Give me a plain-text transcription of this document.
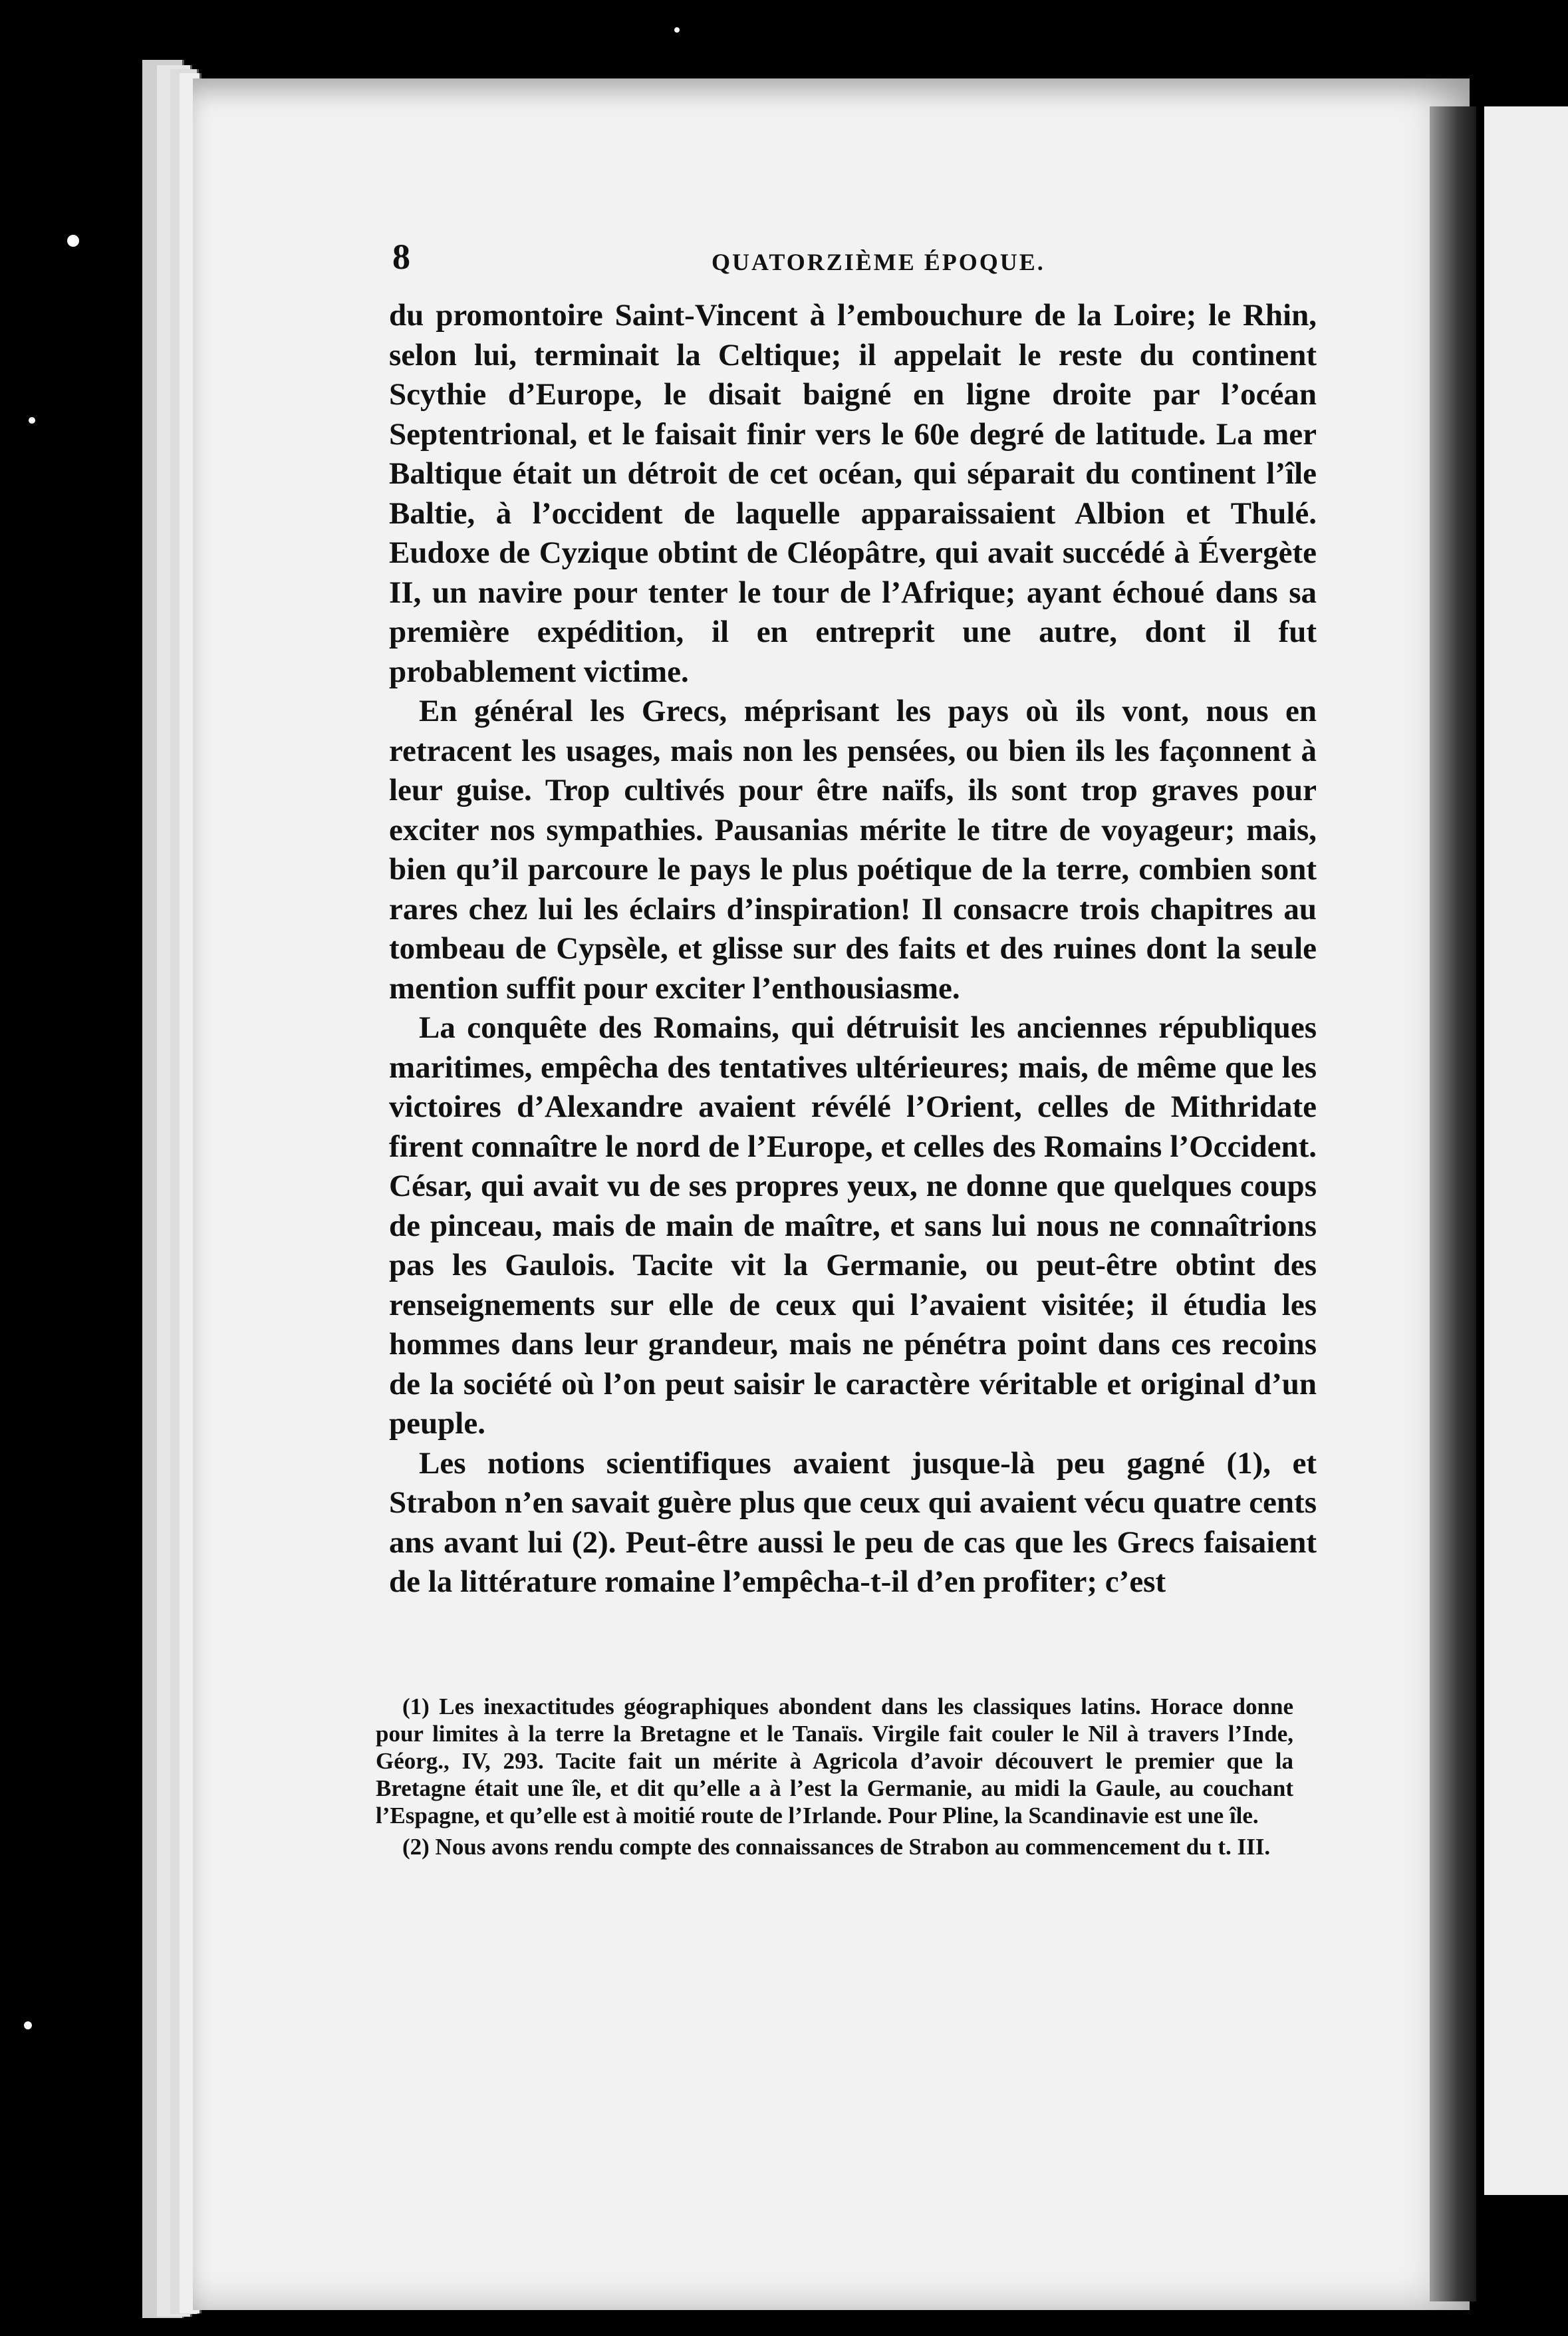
8	QUATORZIÈME ÉPOQUE.

du promontoire Saint-Vincent à l’embouchure de la Loire; le Rhin, selon lui, terminait la Celtique; il appelait le reste du continent Scythie d’Europe, le disait baigné en ligne droite par l’océan Septentrional, et le faisait finir vers le 60e degré de latitude. La mer Baltique était un détroit de cet océan, qui séparait du continent l’île Baltie, à l’occident de laquelle apparaissaient Albion et Thulé. Eudoxe de Cyzique obtint de Cléopâtre, qui avait succédé à Évergète II, un navire pour tenter le tour de l’Afrique; ayant échoué dans sa première expédition, il en entreprit une autre, dont il fut probablement victime.

En général les Grecs, méprisant les pays où ils vont, nous en retracent les usages, mais non les pensées, ou bien ils les façonnent à leur guise. Trop cultivés pour être naïfs, ils sont trop graves pour exciter nos sympathies. Pausanias mérite le titre de voyageur; mais, bien qu’il parcoure le pays le plus poétique de la terre, combien sont rares chez lui les éclairs d’inspiration! Il consacre trois chapitres au tombeau de Cypsèle, et glisse sur des faits et des ruines dont la seule mention suffit pour exciter l’enthousiasme.

La conquête des Romains, qui détruisit les anciennes républiques maritimes, empêcha des tentatives ultérieures; mais, de même que les victoires d’Alexandre avaient révélé l’Orient, celles de Mithridate firent connaître le nord de l’Europe, et celles des Romains l’Occident. César, qui avait vu de ses propres yeux, ne donne que quelques coups de pinceau, mais de main de maître, et sans lui nous ne connaîtrions pas les Gaulois. Tacite vit la Germanie, ou peut-être obtint des renseignements sur elle de ceux qui l’avaient visitée; il étudia les hommes dans leur grandeur, mais ne pénétra point dans ces recoins de la société où l’on peut saisir le caractère véritable et original d’un peuple.

Les notions scientifiques avaient jusque-là peu gagné (1), et Strabon n’en savait guère plus que ceux qui avaient vécu quatre cents ans avant lui (2). Peut-être aussi le peu de cas que les Grecs faisaient de la littérature romaine l’empêcha-t-il d’en profiter; c’est

(1) Les inexactitudes géographiques abondent dans les classiques latins. Horace donne pour limites à la terre la Bretagne et le Tanaïs. Virgile fait couler le Nil à travers l’Inde, Géorg., IV, 293. Tacite fait un mérite à Agricola d’avoir découvert le premier que la Bretagne était une île, et dit qu’elle a à l’est la Germanie, au midi la Gaule, au couchant l’Espagne, et qu’elle est à moitié route de l’Irlande. Pour Pline, la Scandinavie est une île.

(2) Nous avons rendu compte des connaissances de Strabon au commencement du t. III.
